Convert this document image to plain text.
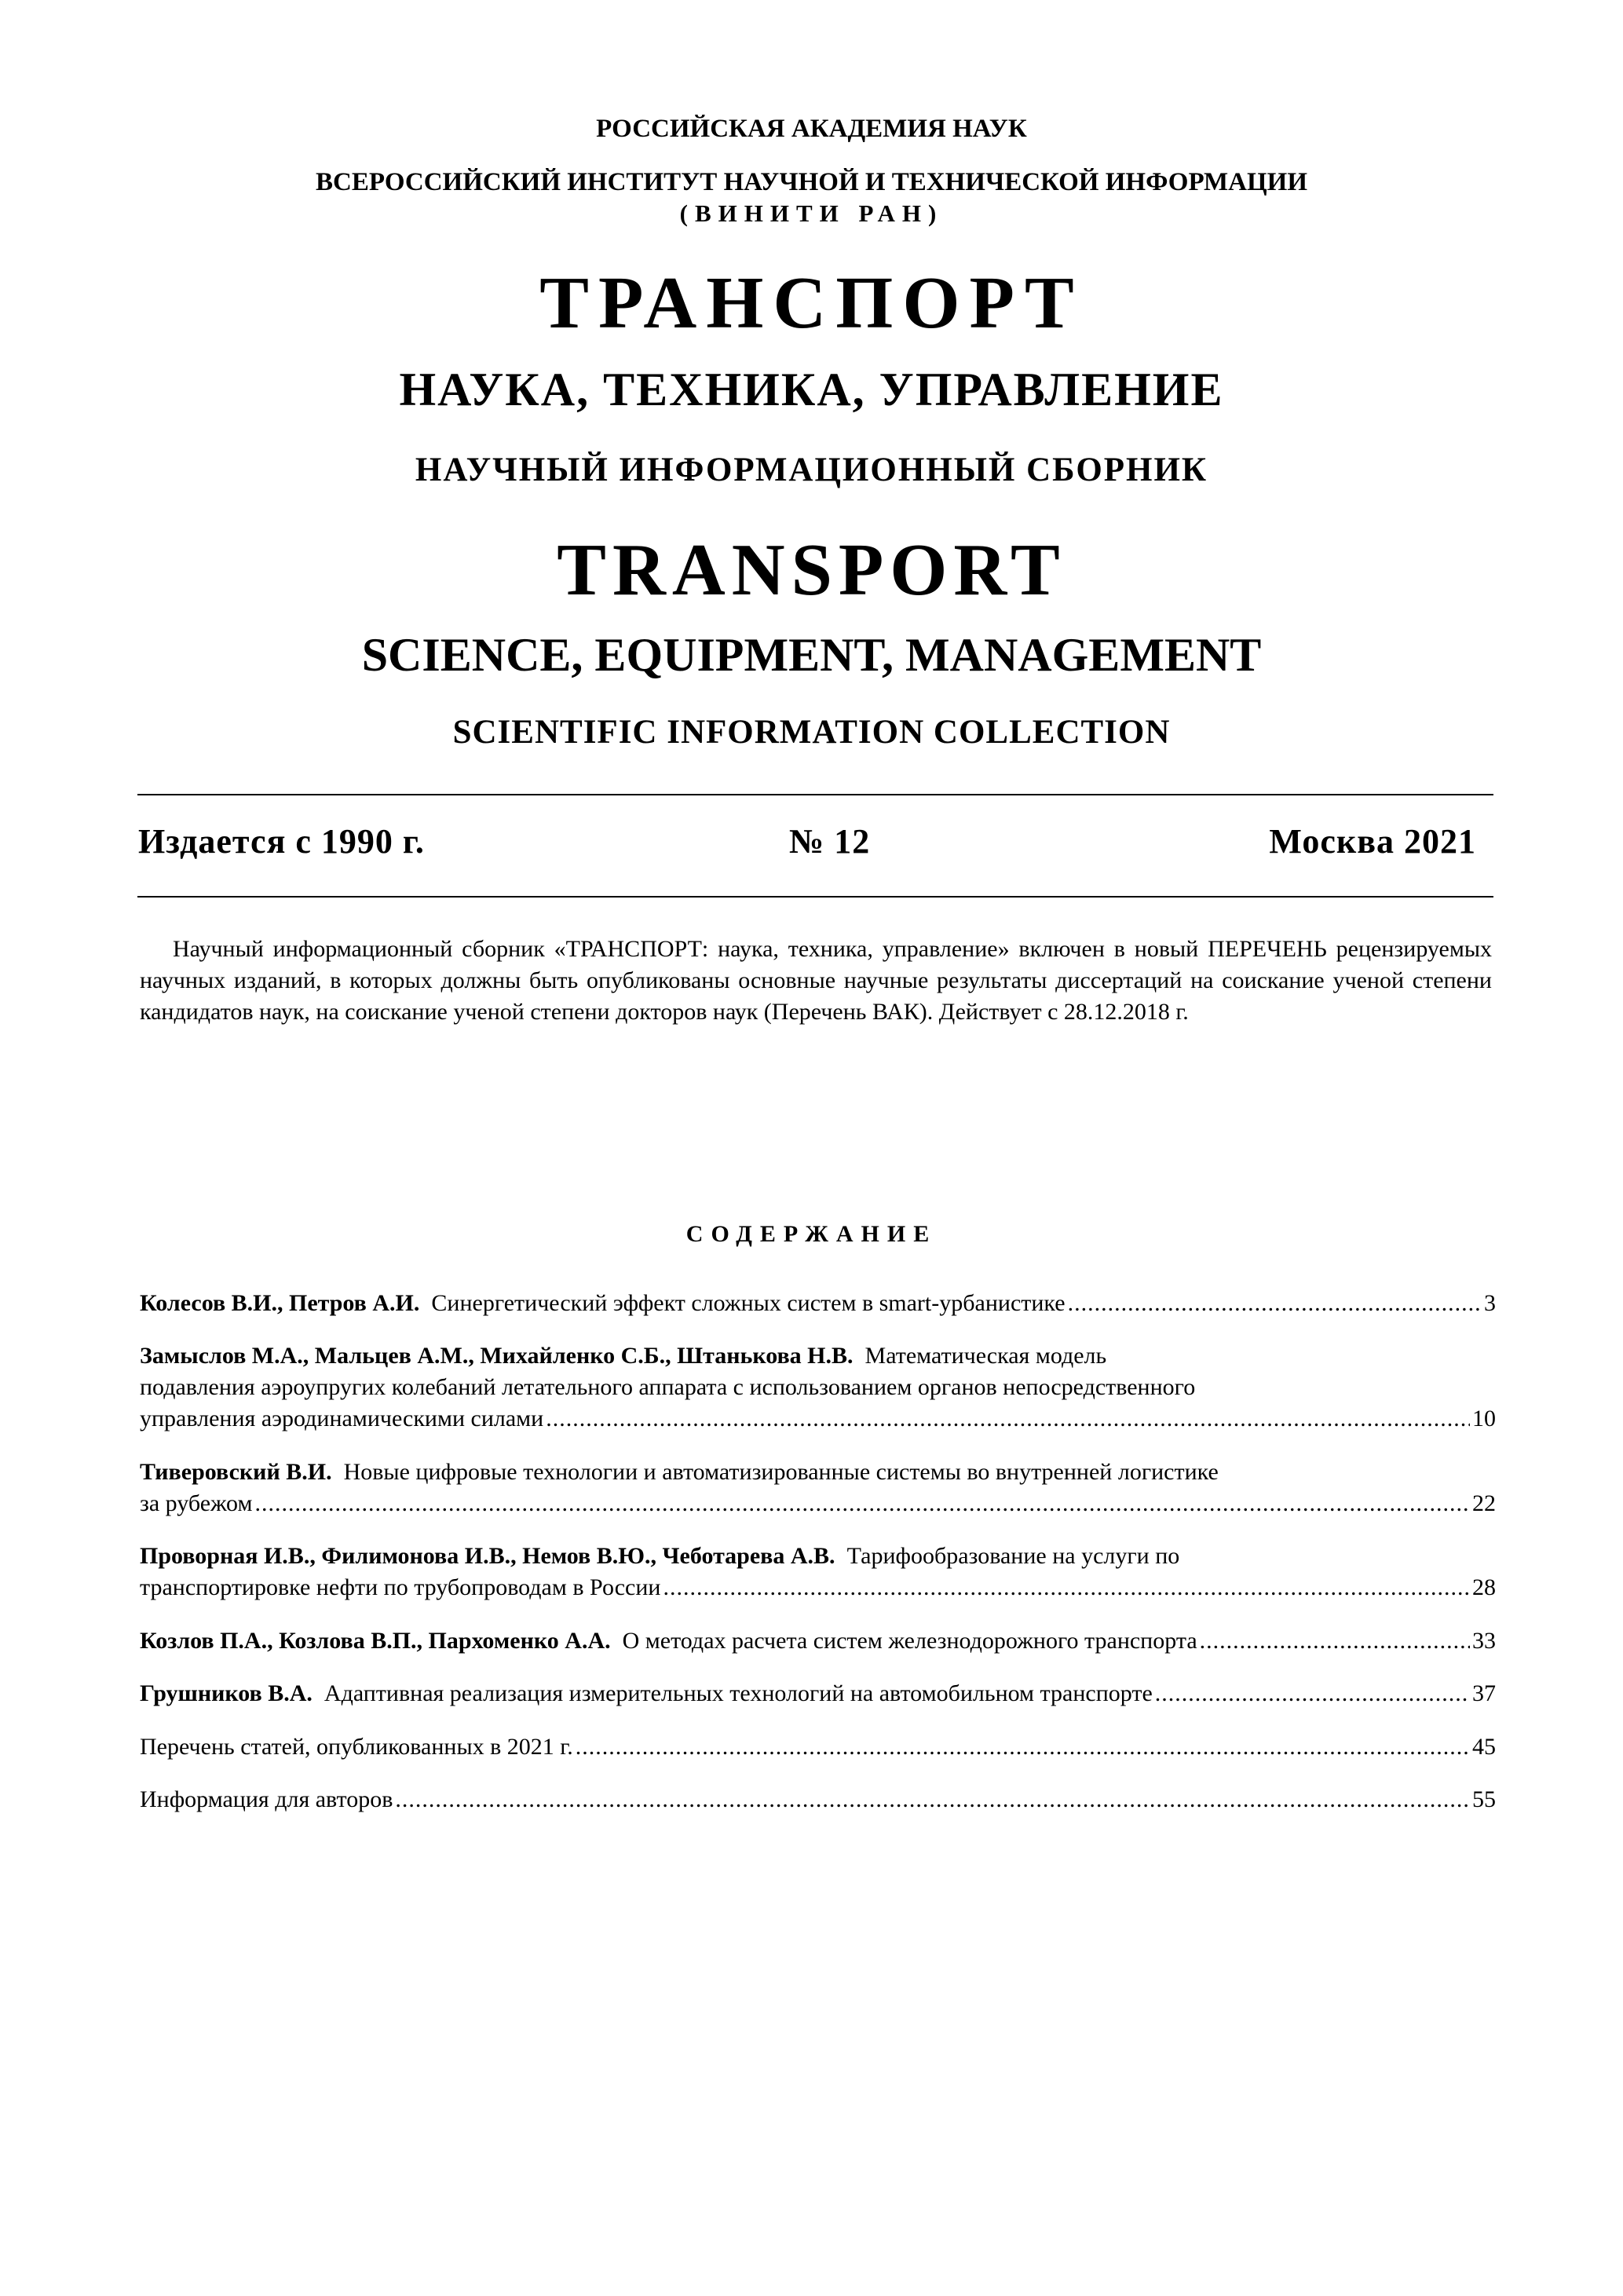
РОССИЙСКАЯ АКАДЕМИЯ НАУК
ВСЕРОССИЙСКИЙ ИНСТИТУТ НАУЧНОЙ И ТЕХНИЧЕСКОЙ ИНФОРМАЦИИ
(ВИНИТИ РАН)
ТРАНСПОРТ
НАУКА, ТЕХНИКА, УПРАВЛЕНИЕ
НАУЧНЫЙ ИНФОРМАЦИОННЫЙ СБОРНИК
TRANSPORT
SCIENCE, EQUIPMENT, MANAGEMENT
SCIENTIFIC INFORMATION COLLECTION
Издается с 1990 г.	№ 12	Москва 2021

Научный информационный сборник «ТРАНСПОРТ: наука, техника, управление» включен в новый ПЕРЕЧЕНЬ рецензируемых научных изданий, в которых должны быть опубликованы основные научные результаты диссертаций на соискание ученой степени кандидатов наук, на соискание ученой степени докторов наук (Перечень ВАК). Действует с 28.12.2018 г.

СОДЕРЖАНИЕ
Колесов В.И., Петров А.И. Синергетический эффект сложных систем в smart-урбанистике .....	3
Замыслов М.А., Мальцев А.М., Михайленко С.Б., Штанькова Н.В. Математическая модель
подавления аэроупругих колебаний летательного аппарата с использованием органов непосредственного
управления аэродинамическими силами .....	10
Тиверовский В.И. Новые цифровые технологии и автоматизированные системы во внутренней логистике
за рубежом .....	22
Проворная И.В., Филимонова И.В., Немов В.Ю., Чеботарева А.В. Тарифообразование на услуги по
транспортировке нефти по трубопроводам в России .....	28
Козлов П.А., Козлова В.П., Пархоменко А.А. О методах расчета систем железнодорожного транспорта .....	33
Грушников В.А. Адаптивная реализация измерительных технологий на автомобильном транспорте .....	37
Перечень статей, опубликованных в 2021 г. .....	45
Информация для авторов .....	55
